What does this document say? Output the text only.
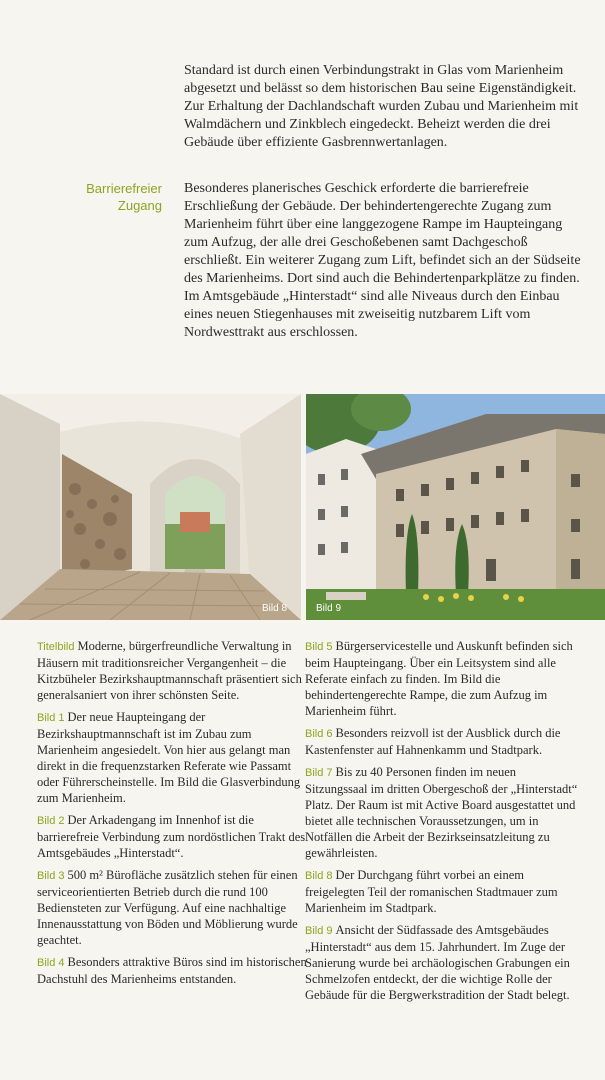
Standard ist durch einen Verbindungstrakt in Glas vom Marienheim abgesetzt und belässt so dem historischen Bau seine Eigenständigkeit. Zur Erhaltung der Dachlandschaft wurden Zubau und Marienheim mit Walmdächern und Zinkblech eingedeckt. Beheizt werden die drei Gebäude über effiziente Gasbrennwertanlagen.

Barrierefreier
Zugang

Besonderes planerisches Geschick erforderte die barrierefreie Erschließung der Gebäude. Der behindertengerechte Zugang zum Marienheim führt über eine langgezogene Rampe im Haupteingang zum Aufzug, der alle drei Geschoßebenen samt Dachgeschoß erschließt. Ein weiterer Zugang zum Lift, befindet sich an der Südseite des Marienheims. Dort sind auch die Behindertenparkplätze zu finden. Im Amtsgebäude „Hinterstadt“ sind alle Niveaus durch den Einbau eines neuen Stiegenhauses mit zweiseitig nutzbarem Lift vom Nordwesttrakt aus erschlossen.

Bild 8	Bild 9

Titelbild Moderne, bürgerfreundliche Verwaltung in Häusern mit traditionsreicher Vergangenheit – die Kitzbüheler Bezirkshauptmannschaft präsentiert sich generalsaniert von ihrer schönsten Seite.

Bild 1 Der neue Haupteingang der Bezirkshauptmannschaft ist im Zubau zum Marienheim angesiedelt. Von hier aus gelangt man direkt in die frequenzstarken Referate wie Passamt oder Führerscheinstelle. Im Bild die Glasverbindung zum Marienheim.

Bild 2 Der Arkadengang im Innenhof ist die barrierefreie Verbindung zum nordöstlichen Trakt des Amtsgebäudes „Hinterstadt“.

Bild 3 500 m² Bürofläche zusätzlich stehen für einen serviceorientierten Betrieb durch die rund 100 Bediensteten zur Verfügung. Auf eine nachhaltige Innenausstattung von Böden und Möblierung wurde geachtet.

Bild 4 Besonders attraktive Büros sind im historischen Dachstuhl des Marienheims entstanden.

Bild 5 Bürgerservicestelle und Auskunft befinden sich beim Haupteingang. Über ein Leitsystem sind alle Referate einfach zu finden. Im Bild die behindertengerechte Rampe, die zum Aufzug im Marienheim führt.

Bild 6 Besonders reizvoll ist der Ausblick durch die Kastenfenster auf Hahnenkamm und Stadtpark.

Bild 7 Bis zu 40 Personen finden im neuen Sitzungssaal im dritten Obergeschoß der „Hinterstadt“ Platz. Der Raum ist mit Active Board ausgestattet und bietet alle technischen Voraussetzungen, um in Notfällen die Arbeit der Bezirkseinsatzleitung zu gewährleisten.

Bild 8 Der Durchgang führt vorbei an einem freigelegten Teil der romanischen Stadtmauer zum Marienheim im Stadtpark.

Bild 9 Ansicht der Südfassade des Amtsgebäudes „Hinterstadt“ aus dem 15. Jahrhundert. Im Zuge der Sanierung wurde bei archäologischen Grabungen ein Schmelzofen entdeckt, der die wichtige Rolle der Gebäude für die Bergwerkstradition der Stadt belegt.
